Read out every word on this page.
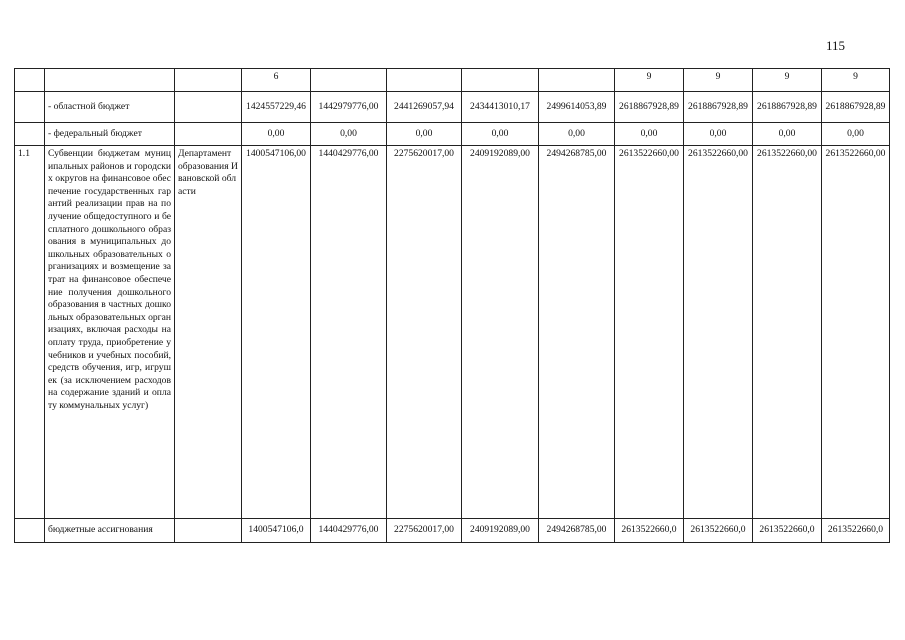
115
			6					9	9	9	9
	- областной бюджет		1424557229,46	1442979776,00	2441269057,94	2434413010,17	2499614053,89	2618867928,89	2618867928,89	2618867928,89	2618867928,89
	- федеральный бюджет		0,00	0,00	0,00	0,00	0,00	0,00	0,00	0,00	0,00
1.1	Субвенции бюджетам муниципальных районов и городских округов на финансовое обеспечение государственных гарантий реализации прав на получение общедоступного и бесплатного дошкольного образования в муниципальных дошкольных образовательных организациях и возмещение затрат на финансовое обеспечение получения дошкольного образования в частных дошкольных образовательных организациях, включая расходы на оплату труда, приобретение учебников и учебных пособий, средств обучения, игр, игрушек (за исключением расходов на содержание зданий и оплату коммунальных услуг)	Департамент образования Ивановской области	1400547106,00	1440429776,00	2275620017,00	2409192089,00	2494268785,00	2613522660,00	2613522660,00	2613522660,00	2613522660,00
	бюджетные ассигнования		1400547106,0	1440429776,00	2275620017,00	2409192089,00	2494268785,00	2613522660,0	2613522660,0	2613522660,0	2613522660,0
